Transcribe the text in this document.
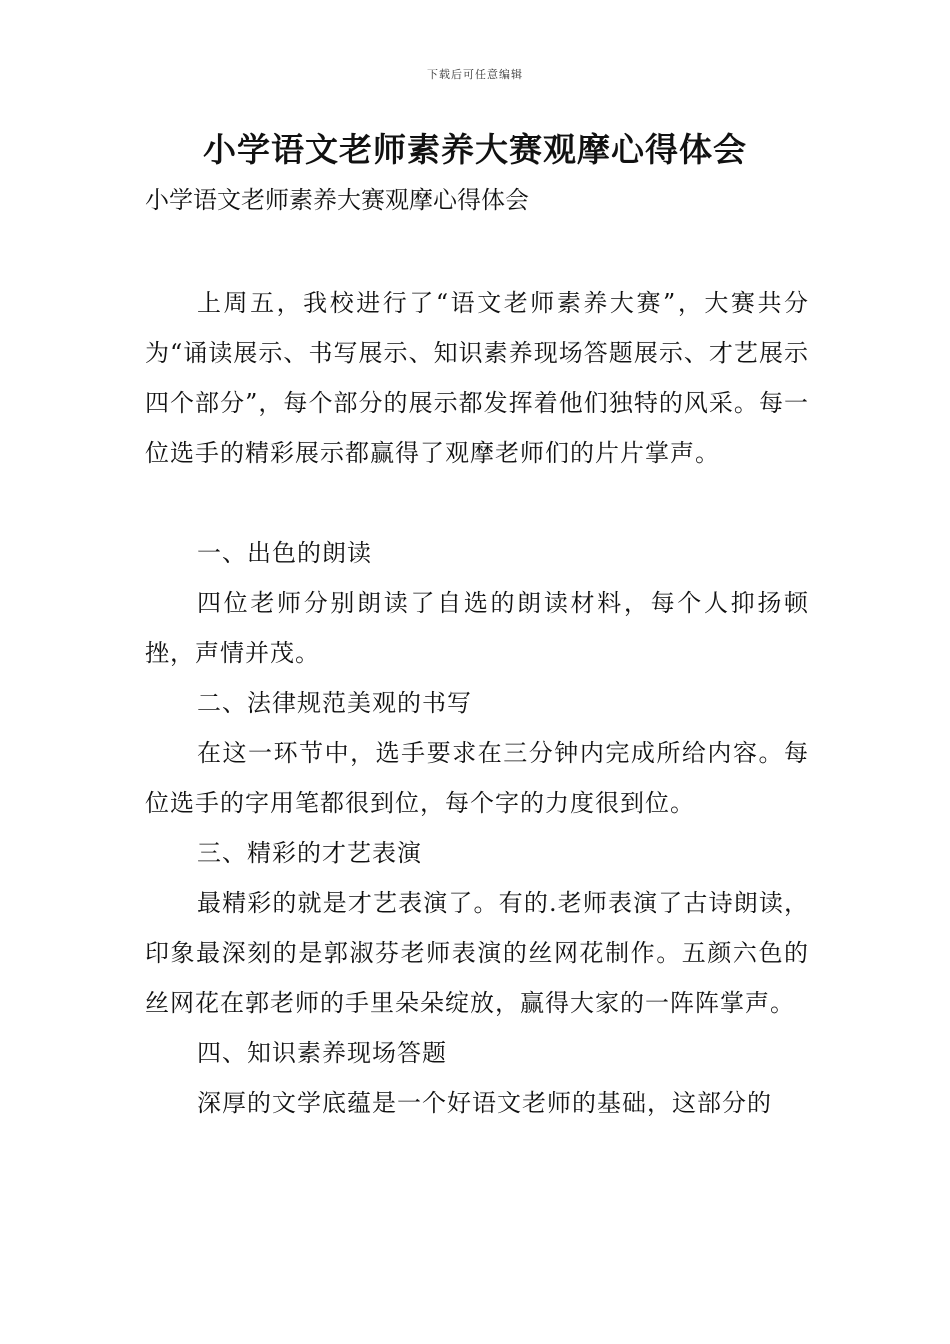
下载后可任意编辑
小学语文老师素养大赛观摩心得体会
小学语文老师素养大赛观摩心得体会

上周五，我校进行了“语文老师素养大赛”，大赛共分为“诵读展示、书写展示、知识素养现场答题展示、才艺展示四个部分”，每个部分的展示都发挥着他们独特的风采。每一位选手的精彩展示都赢得了观摩老师们的片片掌声。

一、出色的朗读

四位老师分别朗读了自选的朗读材料，每个人抑扬顿挫，声情并茂。

二、法律规范美观的书写

在这一环节中，选手要求在三分钟内完成所给内容。每位选手的字用笔都很到位，每个字的力度很到位。

三、精彩的才艺表演

最精彩的就是才艺表演了。有的.老师表演了古诗朗读，印象最深刻的是郭淑芬老师表演的丝网花制作。五颜六色的丝网花在郭老师的手里朵朵绽放，赢得大家的一阵阵掌声。

四、知识素养现场答题

深厚的文学底蕴是一个好语文老师的基础，这部分的
